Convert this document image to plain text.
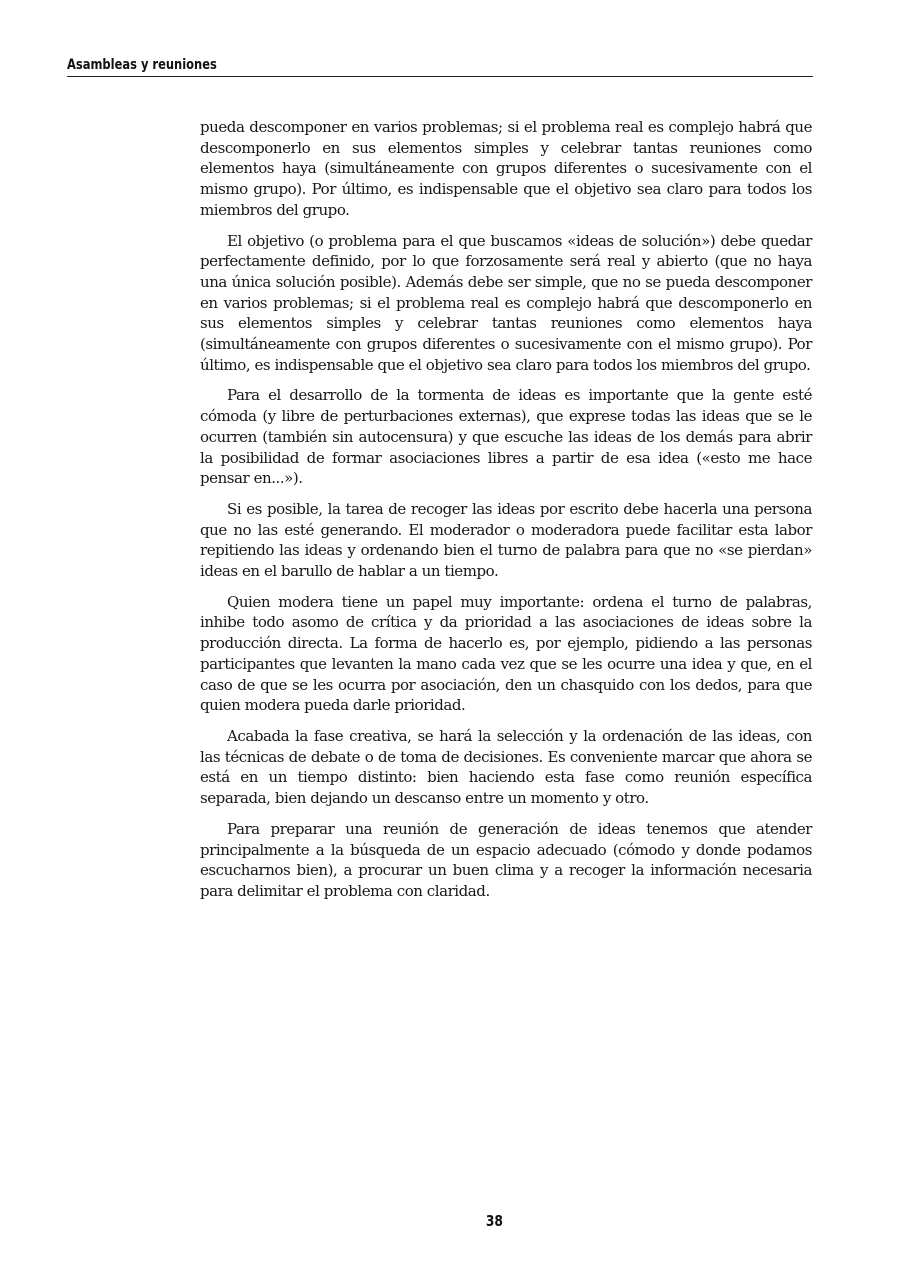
Asambleas y reuniones

pueda descomponer en varios problemas; si el problema real es complejo habrá que descomponerlo en sus elementos simples y celebrar tantas reuniones como elementos haya (simultáneamente con grupos diferentes o sucesivamente con el mismo grupo). Por último, es indispensable que el objetivo sea claro para todos los miembros del grupo.

El objetivo (o problema para el que buscamos «ideas de solución») debe quedar perfectamente definido, por lo que forzosamente será real y abierto (que no haya una única solución posible). Además debe ser simple, que no se pueda descomponer en varios problemas; si el problema real es complejo habrá que descomponerlo en sus elementos simples y celebrar tantas reuniones como elementos haya (simultáneamente con grupos diferentes o sucesivamente con el mismo grupo). Por último, es indispensable que el objetivo sea claro para todos los miembros del grupo.

Para el desarrollo de la tormenta de ideas es importante que la gente esté cómoda (y libre de perturbaciones externas), que exprese todas las ideas que se le ocurren (también sin autocensura) y que escuche las ideas de los demás para abrir la posibilidad de formar asociaciones libres a partir de esa idea («esto me hace pensar en...»).

Si es posible, la tarea de recoger las ideas por escrito debe hacerla una persona que no las esté generando. El moderador o moderadora puede facilitar esta labor repitiendo las ideas y ordenando bien el turno de palabra para que no «se pierdan» ideas en el barullo de hablar a un tiempo.

Quien modera tiene un papel muy importante: ordena el turno de palabras, inhibe todo asomo de crítica y da prioridad a las asociaciones de ideas sobre la producción directa. La forma de hacerlo es, por ejemplo, pidiendo a las personas participantes que levanten la mano cada vez que se les ocurre una idea y que, en el caso de que se les ocurra por asociación, den un chasquido con los dedos, para que quien modera pueda darle prioridad.

Acabada la fase creativa, se hará la selección y la ordenación de las ideas, con las técnicas de debate o de toma de decisiones. Es conveniente marcar que ahora se está en un tiempo distinto: bien haciendo esta fase como reunión específica separada, bien dejando un descanso entre un momento y otro.

Para preparar una reunión de generación de ideas tenemos que atender principalmente a la búsqueda de un espacio adecuado (cómodo y donde podamos escucharnos bien), a procurar un buen clima y a recoger la información necesaria para delimitar el problema con claridad.

38
